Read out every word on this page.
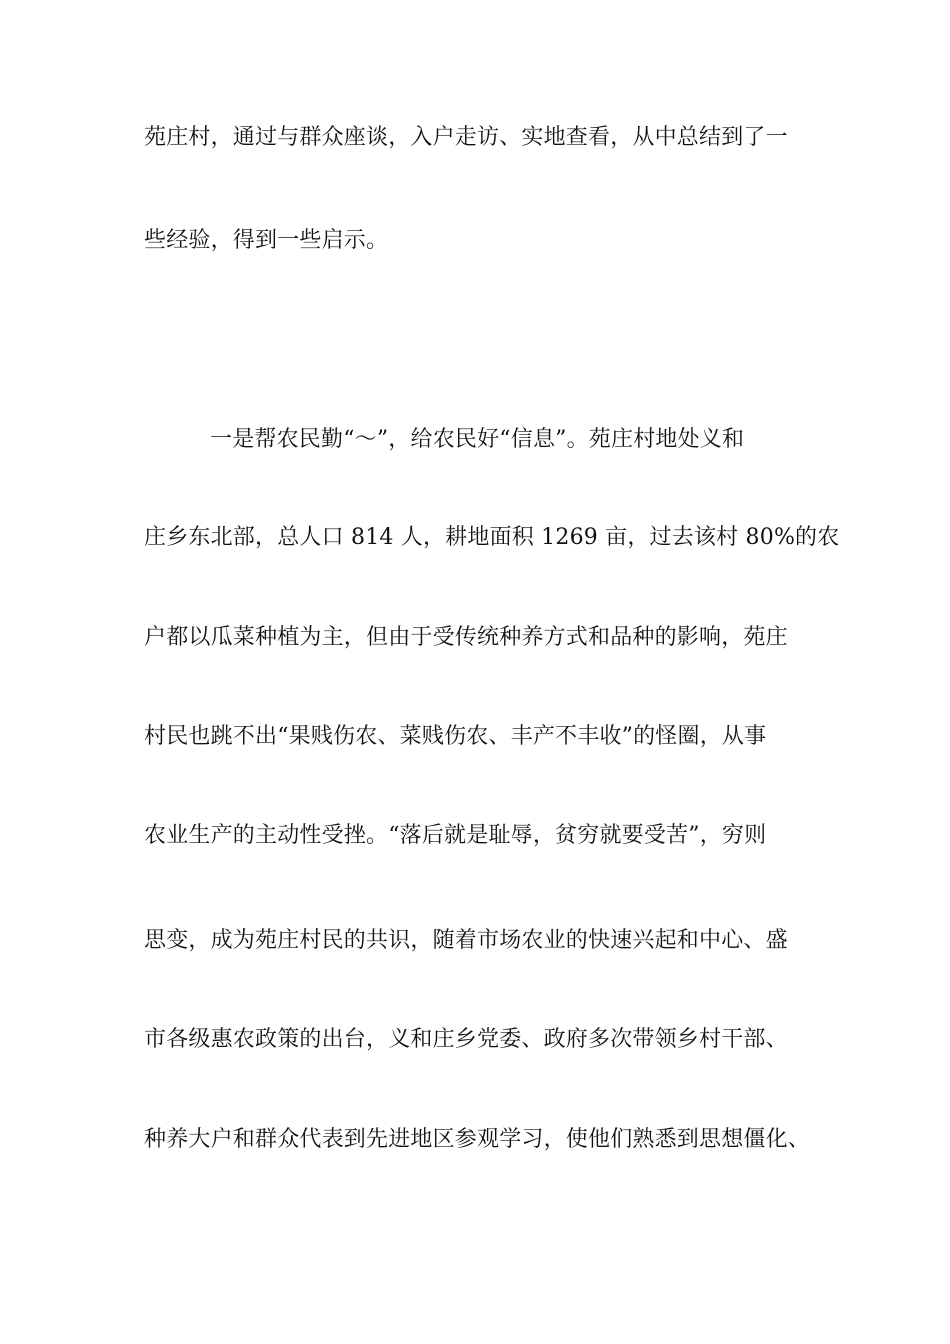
苑庄村，通过与群众座谈，入户走访、实地查看，从中总结到了一
些经验，得到一些启示。
一是帮农民勤“～”，给农民好“信息”。苑庄村地处义和
庄乡东北部，总人口 814 人，耕地面积 1269 亩，过去该村 80%的农
户都以瓜菜种植为主，但由于受传统种养方式和品种的影响，苑庄
村民也跳不出“果贱伤农、菜贱伤农、丰产不丰收”的怪圈，从事
农业生产的主动性受挫。“落后就是耻辱，贫穷就要受苦”，穷则
思变，成为苑庄村民的共识，随着市场农业的快速兴起和中心、盛
市各级惠农政策的出台，义和庄乡党委、政府多次带领乡村干部、
种养大户和群众代表到先进地区参观学习，使他们熟悉到思想僵化、
